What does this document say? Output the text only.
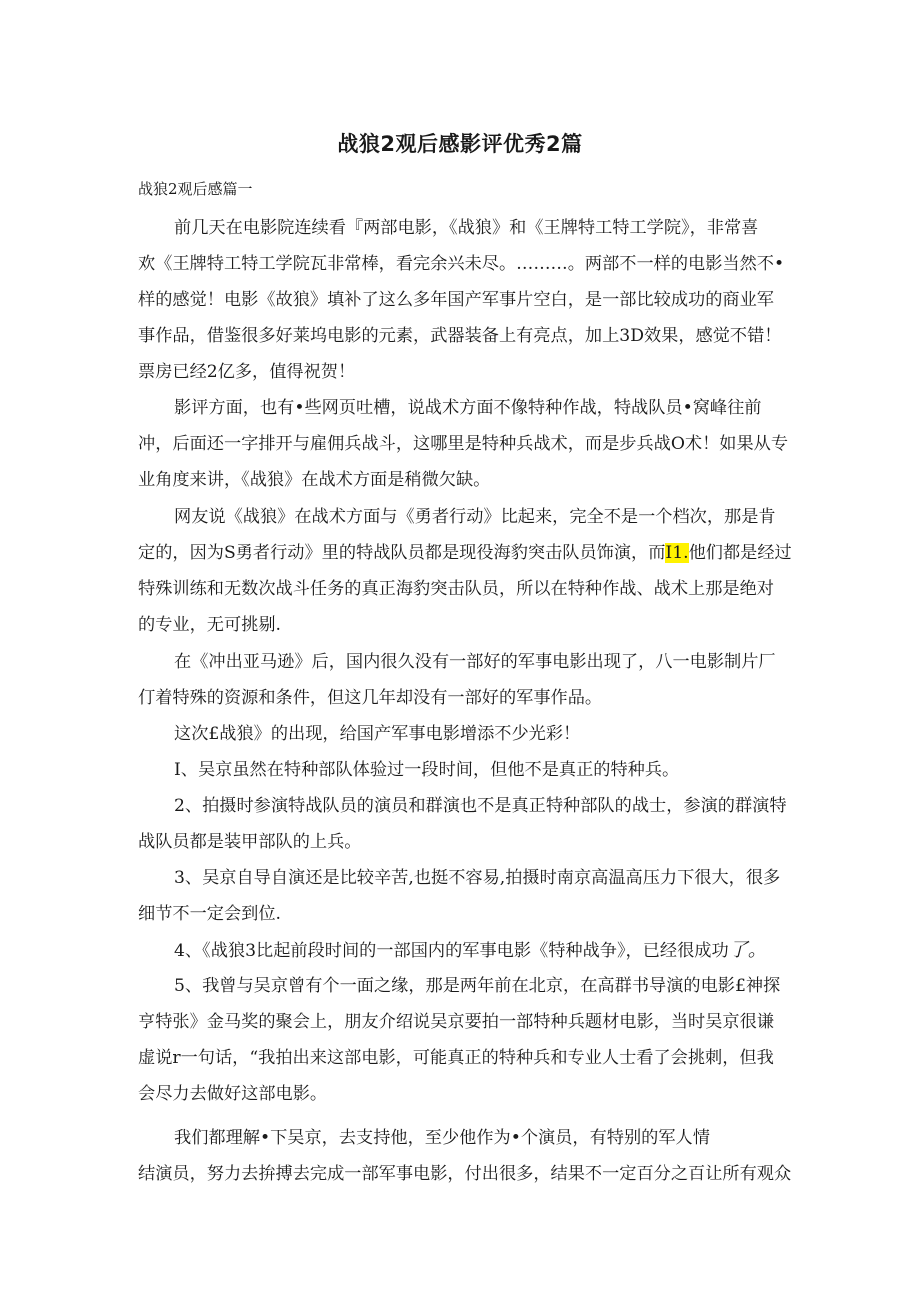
战狼2观后感影评优秀2篇

战狼2观后感篇一

前几天在电影院连续看『两部电影，《战狼》和《王牌特工特工学院》，非常喜

欢《王牌特工特工学院瓦非常棒，看完余兴未尽。………。两部不一样的电影当然不•

样的感觉！电影《故狼》填补了这么多年国产军事片空白，是一部比较成功的商业军

事作品，借鉴很多好莱坞电影的元素，武器装备上有亮点，加上3D效果，感觉不错！

票房已经2亿多，值得祝贺！

影评方面，也有•些网页吐槽，说战术方面不像特种作战，特战队员•窝峰往前

冲，后面还一字排开与雇佣兵战斗，这哪里是特种兵战术，而是步兵战O术！如果从专

业角度来讲，《战狼》在战术方面是稍微欠缺。

网友说《战狼》在战术方面与《勇者行动》比起来，完全不是一个档次，那是肯

定的，因为S勇者行动》里的特战队员都是现役海豹突击队员饰演，而I1.他们都是经过

特殊训练和无数次战斗任务的真正海豹突击队员，所以在特种作战、战术上那是绝对

的专业，无可挑剔.

在《冲出亚马逊》后，国内很久没有一部好的军事电影出现了，八一电影制片厂

仃着特殊的资源和条件，但这几年却没有一部好的军事作品。

这次£战狼》的出现，给国产军事电影增添不少光彩！

I、吴京虽然在特种部队体验过一段时间，但他不是真正的特种兵。

2、拍摄时参演特战队员的演员和群演也不是真正特种部队的战士，参演的群演特

战队员都是装甲部队的上兵。

3、吴京自导自演还是比较辛苦,也挺不容易,拍摄时南京高温高压力下很大，很多

细节不一定会到位.

4、《战狼3比起前段时间的一部国内的军事电影《特种战争》，已经很成功了。

5、我曾与吴京曾有个一面之缘，那是两年前在北京，在高群书导演的电影£神探

亨特张》金马奖的聚会上，朋友介绍说吴京要拍一部特种兵题材电影，当时吴京很谦

虚说r一句话，“我拍出来这部电影，可能真正的特种兵和专业人士看了会挑刺，但我

会尽力去做好这部电影。

我们都理解•下吴京，去支持他，至少他作为•个演员，有特别的军人情

结演员，努力去拚搏去完成一部军事电影，付出很多，结果不一定百分之百让所有观众
